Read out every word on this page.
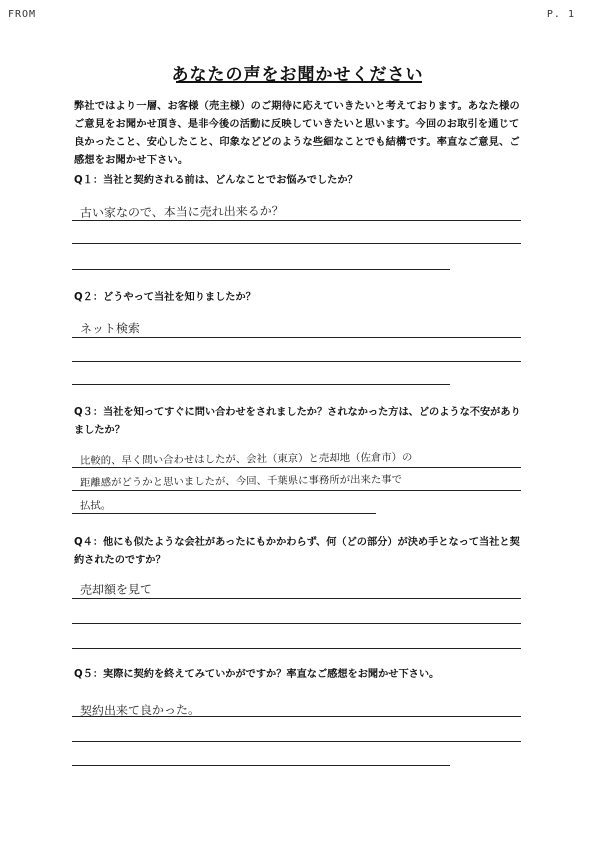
FROM	P. 1
あなたの声をお聞かせください
弊社ではより一層、お客様（売主様）のご期待に応えていきたいと考えております。あなた様のご意見をお聞かせ頂き、是非今後の活動に反映していきたいと思います。今回のお取引を通じて良かったこと、安心したこと、印象などどのような些細なことでも結構です。率直なご意見、ご感想をお聞かせ下さい。
Q１：当社と契約される前は、どんなことでお悩みでしたか？
古い家なので、本当に売れ出来るか？
Q２：どうやって当社を知りましたか？
ネット検索
Q３：当社を知ってすぐに問い合わせをされましたか？されなかった方は、どのような不安がありましたか？
比較的、早く問い合わせはしたが、会社（東京）と売却地（佐倉市）の
距離感がどうかと思いましたが、今回、千葉県に事務所が出来た事で
払拭。
Q４：他にも似たような会社があったにもかかわらず、何（どの部分）が決め手となって当社と契約されたのですか？
売却額を見て
Q５：実際に契約を終えてみていかがですか？率直なご感想をお聞かせ下さい。
契約出来て良かった。
